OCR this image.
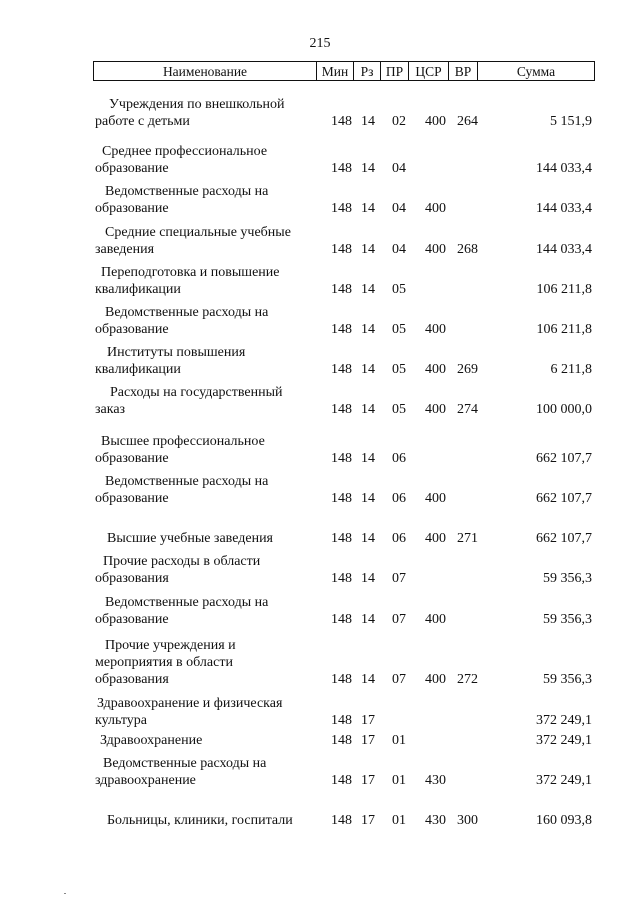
215
Наименование	Мин Рз ПР ЦСР ВР	Сумма
Учреждения по внешкольной
работе с детьми	148 14 02 400 264	5 151,9
Среднее профессиональное
образование	148 14 04	144 033,4
Ведомственные расходы на
образование	148 14 04 400	144 033,4
Средние специальные учебные
заведения	148 14 04 400 268	144 033,4
Переподготовка и повышение
квалификации	148 14 05	106 211,8
Ведомственные расходы на
образование	148 14 05 400	106 211,8
Институты повышения
квалификации	148 14 05 400 269	6 211,8
Расходы на государственный
заказ	148 14 05 400 274	100 000,0
Высшее профессиональное
образование	148 14 06	662 107,7
Ведомственные расходы на
образование	148 14 06 400	662 107,7
Высшие учебные заведения	148 14 06 400 271	662 107,7
Прочие расходы в области
образования	148 14 07	59 356,3
Ведомственные расходы на
образование	148 14 07 400	59 356,3
Прочие учреждения и
мероприятия в области
образования	148 14 07 400 272	59 356,3
Здравоохранение и физическая
культура	148 17	372 249,1
Здравоохранение	148 17 01	372 249,1
Ведомственные расходы на
здравоохранение	148 17 01 430	372 249,1
Больницы, клиники, госпитали	148 17 01 430 300	160 093,8
